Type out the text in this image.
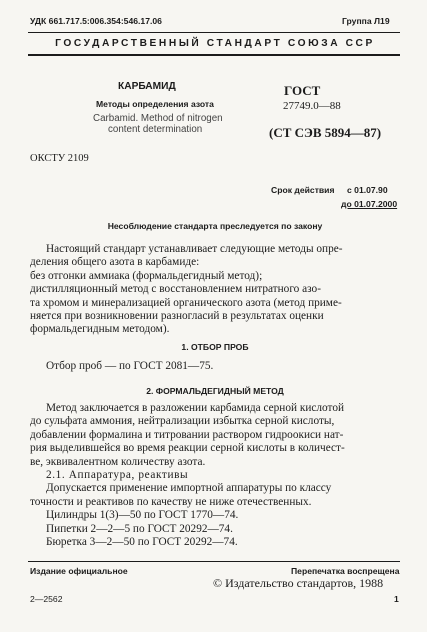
УДК 661.717.5:006.354:546.17.06	Группа Л19
ГОСУДАРСТВЕННЫЙ СТАНДАРТ СОЮЗА ССР
КАРБАМИД
Методы определения азота
Carbamid. Method of nitrogen
content determination
ГОСТ
27749.0—88
(СТ СЭВ 5894—87)
ОКСТУ 2109
Срок действия с 01.07.90
до 01.07.2000
Несоблюдение стандарта преследуется по закону
Настоящий стандарт устанавливает следующие методы опре-
деления общего азота в карбамиде:
без отгонки аммиака (формальдегидный метод);
дистилляционный метод с восстановлением нитратного азо-
та хромом и минерализацией органического азота (метод приме-
няется при возникновении разногласий в результатах оценки
формальдегидным методом).
1. ОТБОР ПРОБ
Отбор проб — по ГОСТ 2081—75.
2. ФОРМАЛЬДЕГИДНЫЙ МЕТОД
Метод заключается в разложении карбамида серной кислотой
до сульфата аммония, нейтрализации избытка серной кислоты,
добавлении формалина и титровании раствором гидроокиси нат-
рия выделившейся во время реакции серной кислоты в количест-
ве, эквивалентном количеству азота.
2.1. Аппаратура, реактивы
Допускается применение импортной аппаратуры по классу
точности и реактивов по качеству не ниже отечественных.
Цилиндры 1(3)—50 по ГОСТ 1770—74.
Пипетки 2—2—5 по ГОСТ 20292—74.
Бюретка 3—2—50 по ГОСТ 20292—74.
Издание официальное	Перепечатка воспрещена
© Издательство стандартов, 1988
2—2562	1
